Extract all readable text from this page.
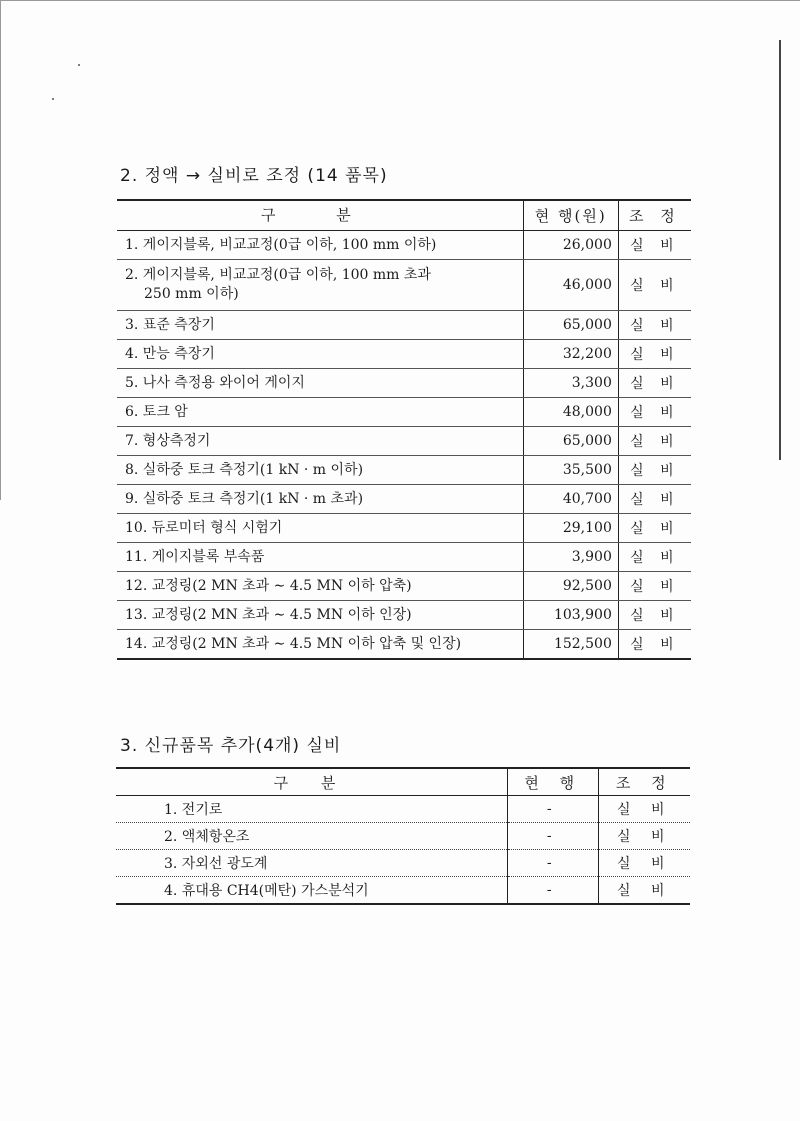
2. 정액 → 실비로 조정 (14 품목)
구 분	현 행(원)	조 정
1. 게이지블록, 비교교정(0급 이하, 100 mm 이하)	26,000	실 비
2. 게이지블록, 비교교정(0급 이하, 100 mm 초과
250 mm 이하)	46,000	실 비
3. 표준 측장기	65,000	실 비
4. 만능 측장기	32,200	실 비
5. 나사 측정용 와이어 게이지	3,300	실 비
6. 토크 암	48,000	실 비
7. 형상측정기	65,000	실 비
8. 실하중 토크 측정기(1 kN · m 이하)	35,500	실 비
9. 실하중 토크 측정기(1 kN · m 초과)	40,700	실 비
10. 듀로미터 형식 시험기	29,100	실 비
11. 게이지블록 부속품	3,900	실 비
12. 교정링(2 MN 초과 ∼ 4.5 MN 이하 압축)	92,500	실 비
13. 교정링(2 MN 초과 ∼ 4.5 MN 이하 인장)	103,900	실 비
14. 교정링(2 MN 초과 ∼ 4.5 MN 이하 압축 및 인장)	152,500	실 비
3. 신규품목 추가(4개) 실비
구 분	현 행	조 정
1. 전기로	-	실 비
2. 액체항온조	-	실 비
3. 자외선 광도계	-	실 비
4. 휴대용 CH4(메탄) 가스분석기	-	실 비
